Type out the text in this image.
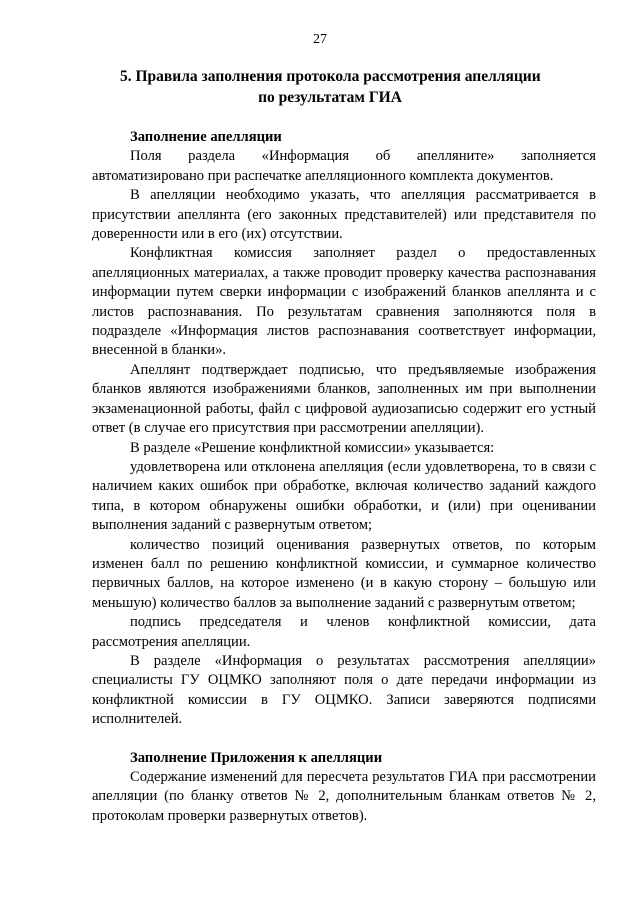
27
5. Правила заполнения протокола рассмотрения апелляции
по результатам ГИА
Заполнение апелляции

Поля раздела «Информация об апелляните» заполняется автоматизировано при распечатке апелляционного комплекта документов.

В апелляции необходимо указать, что апелляция рассматривается в присутствии апеллянта (его законных представителей) или представителя по доверенности или в его (их) отсутствии.

Конфликтная комиссия заполняет раздел о предоставленных апелляционных материалах, а также проводит проверку качества распознавания информации путем сверки информации с изображений бланков апеллянта и с листов распознавания. По результатам сравнения заполняются поля в подразделе «Информация листов распознавания соответствует информации, внесенной в бланки».

Апеллянт подтверждает подписью, что предъявляемые изображения бланков являются изображениями бланков, заполненных им при выполнении экзаменационной работы, файл с цифровой аудиозаписью содержит его устный ответ (в случае его присутствия при рассмотрении апелляции).

В разделе «Решение конфликтной комиссии» указывается:

удовлетворена или отклонена апелляция (если удовлетворена, то в связи с наличием каких ошибок при обработке, включая количество заданий каждого типа, в котором обнаружены ошибки обработки, и (или) при оценивании выполнения заданий с развернутым ответом;

количество позиций оценивания развернутых ответов, по которым изменен балл по решению конфликтной комиссии, и суммарное количество первичных баллов, на которое изменено (и в какую сторону – большую или меньшую) количество баллов за выполнение заданий с развернутым ответом;

подпись председателя и членов конфликтной комиссии, дата рассмотрения апелляции.

В разделе «Информация о результатах рассмотрения апелляции» специалисты ГУ ОЦМКО заполняют поля о дате передачи информации из конфликтной комиссии в ГУ ОЦМКО. Записи заверяются подписями исполнителей.

Заполнение Приложения к апелляции

Содержание изменений для пересчета результатов ГИА при рассмотрении апелляции (по бланку ответов № 2, дополнительным бланкам ответов № 2, протоколам проверки развернутых ответов).
